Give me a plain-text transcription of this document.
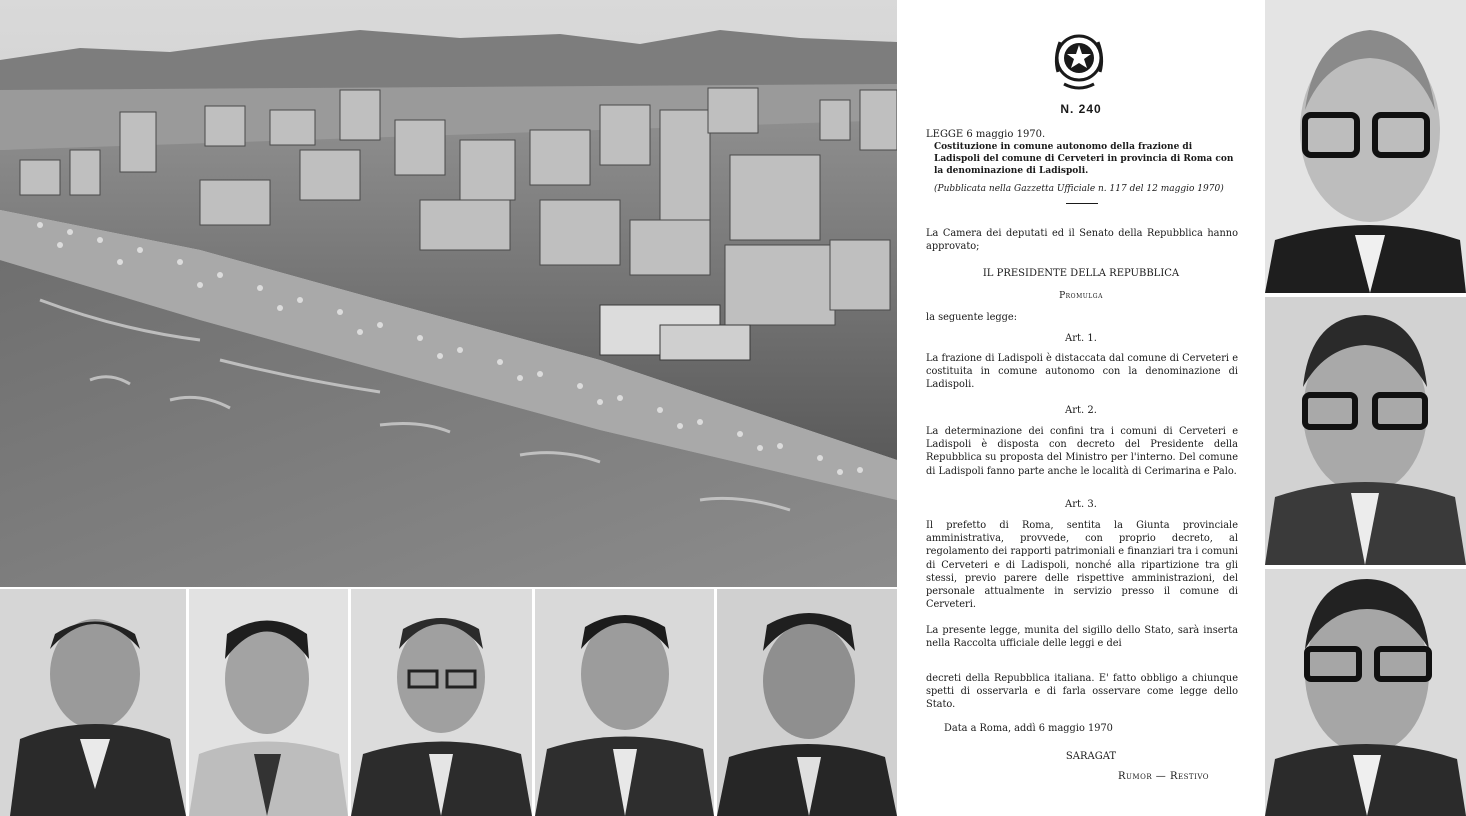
N. 240
LEGGE 6 maggio 1970.
Costituzione in comune autonomo della frazione di Ladispoli del comune di Cerveteri in provincia di Roma con la denominazione di Ladispoli.
(Pubblicata nella Gazzetta Ufficiale n. 117 del 12 maggio 1970)
La Camera dei deputati ed il Senato della Repubblica hanno approvato;
IL PRESIDENTE DELLA REPUBBLICA
Promulga
la seguente legge:
Art. 1.
La frazione di Ladispoli è distaccata dal comune di Cerveteri e costituita in comune autonomo con la denominazione di Ladispoli.
Art. 2.
La determinazione dei confini tra i comuni di Cerveteri e Ladispoli è disposta con decreto del Presidente della Repubblica su proposta del Ministro per l'interno. Del comune di Ladispoli fanno parte anche le località di Cerimarina e Palo.
Art. 3.
Il prefetto di Roma, sentita la Giunta provinciale amministrativa, provvede, con proprio decreto, al regolamento dei rapporti patrimoniali e finanziari tra i comuni di Cerveteri e di Ladispoli, nonché alla ripartizione tra gli stessi, previo parere delle rispettive amministrazioni, del personale attualmente in servizio presso il comune di Cerveteri.
La presente legge, munita del sigillo dello Stato, sarà inserta nella Raccolta ufficiale delle leggi e dei
decreti della Repubblica italiana. E' fatto obbligo a chiunque spetti di osservarla e di farla osservare come legge dello Stato.
Data a Roma, addì 6 maggio 1970
SARAGAT
Rumor — Restivo
